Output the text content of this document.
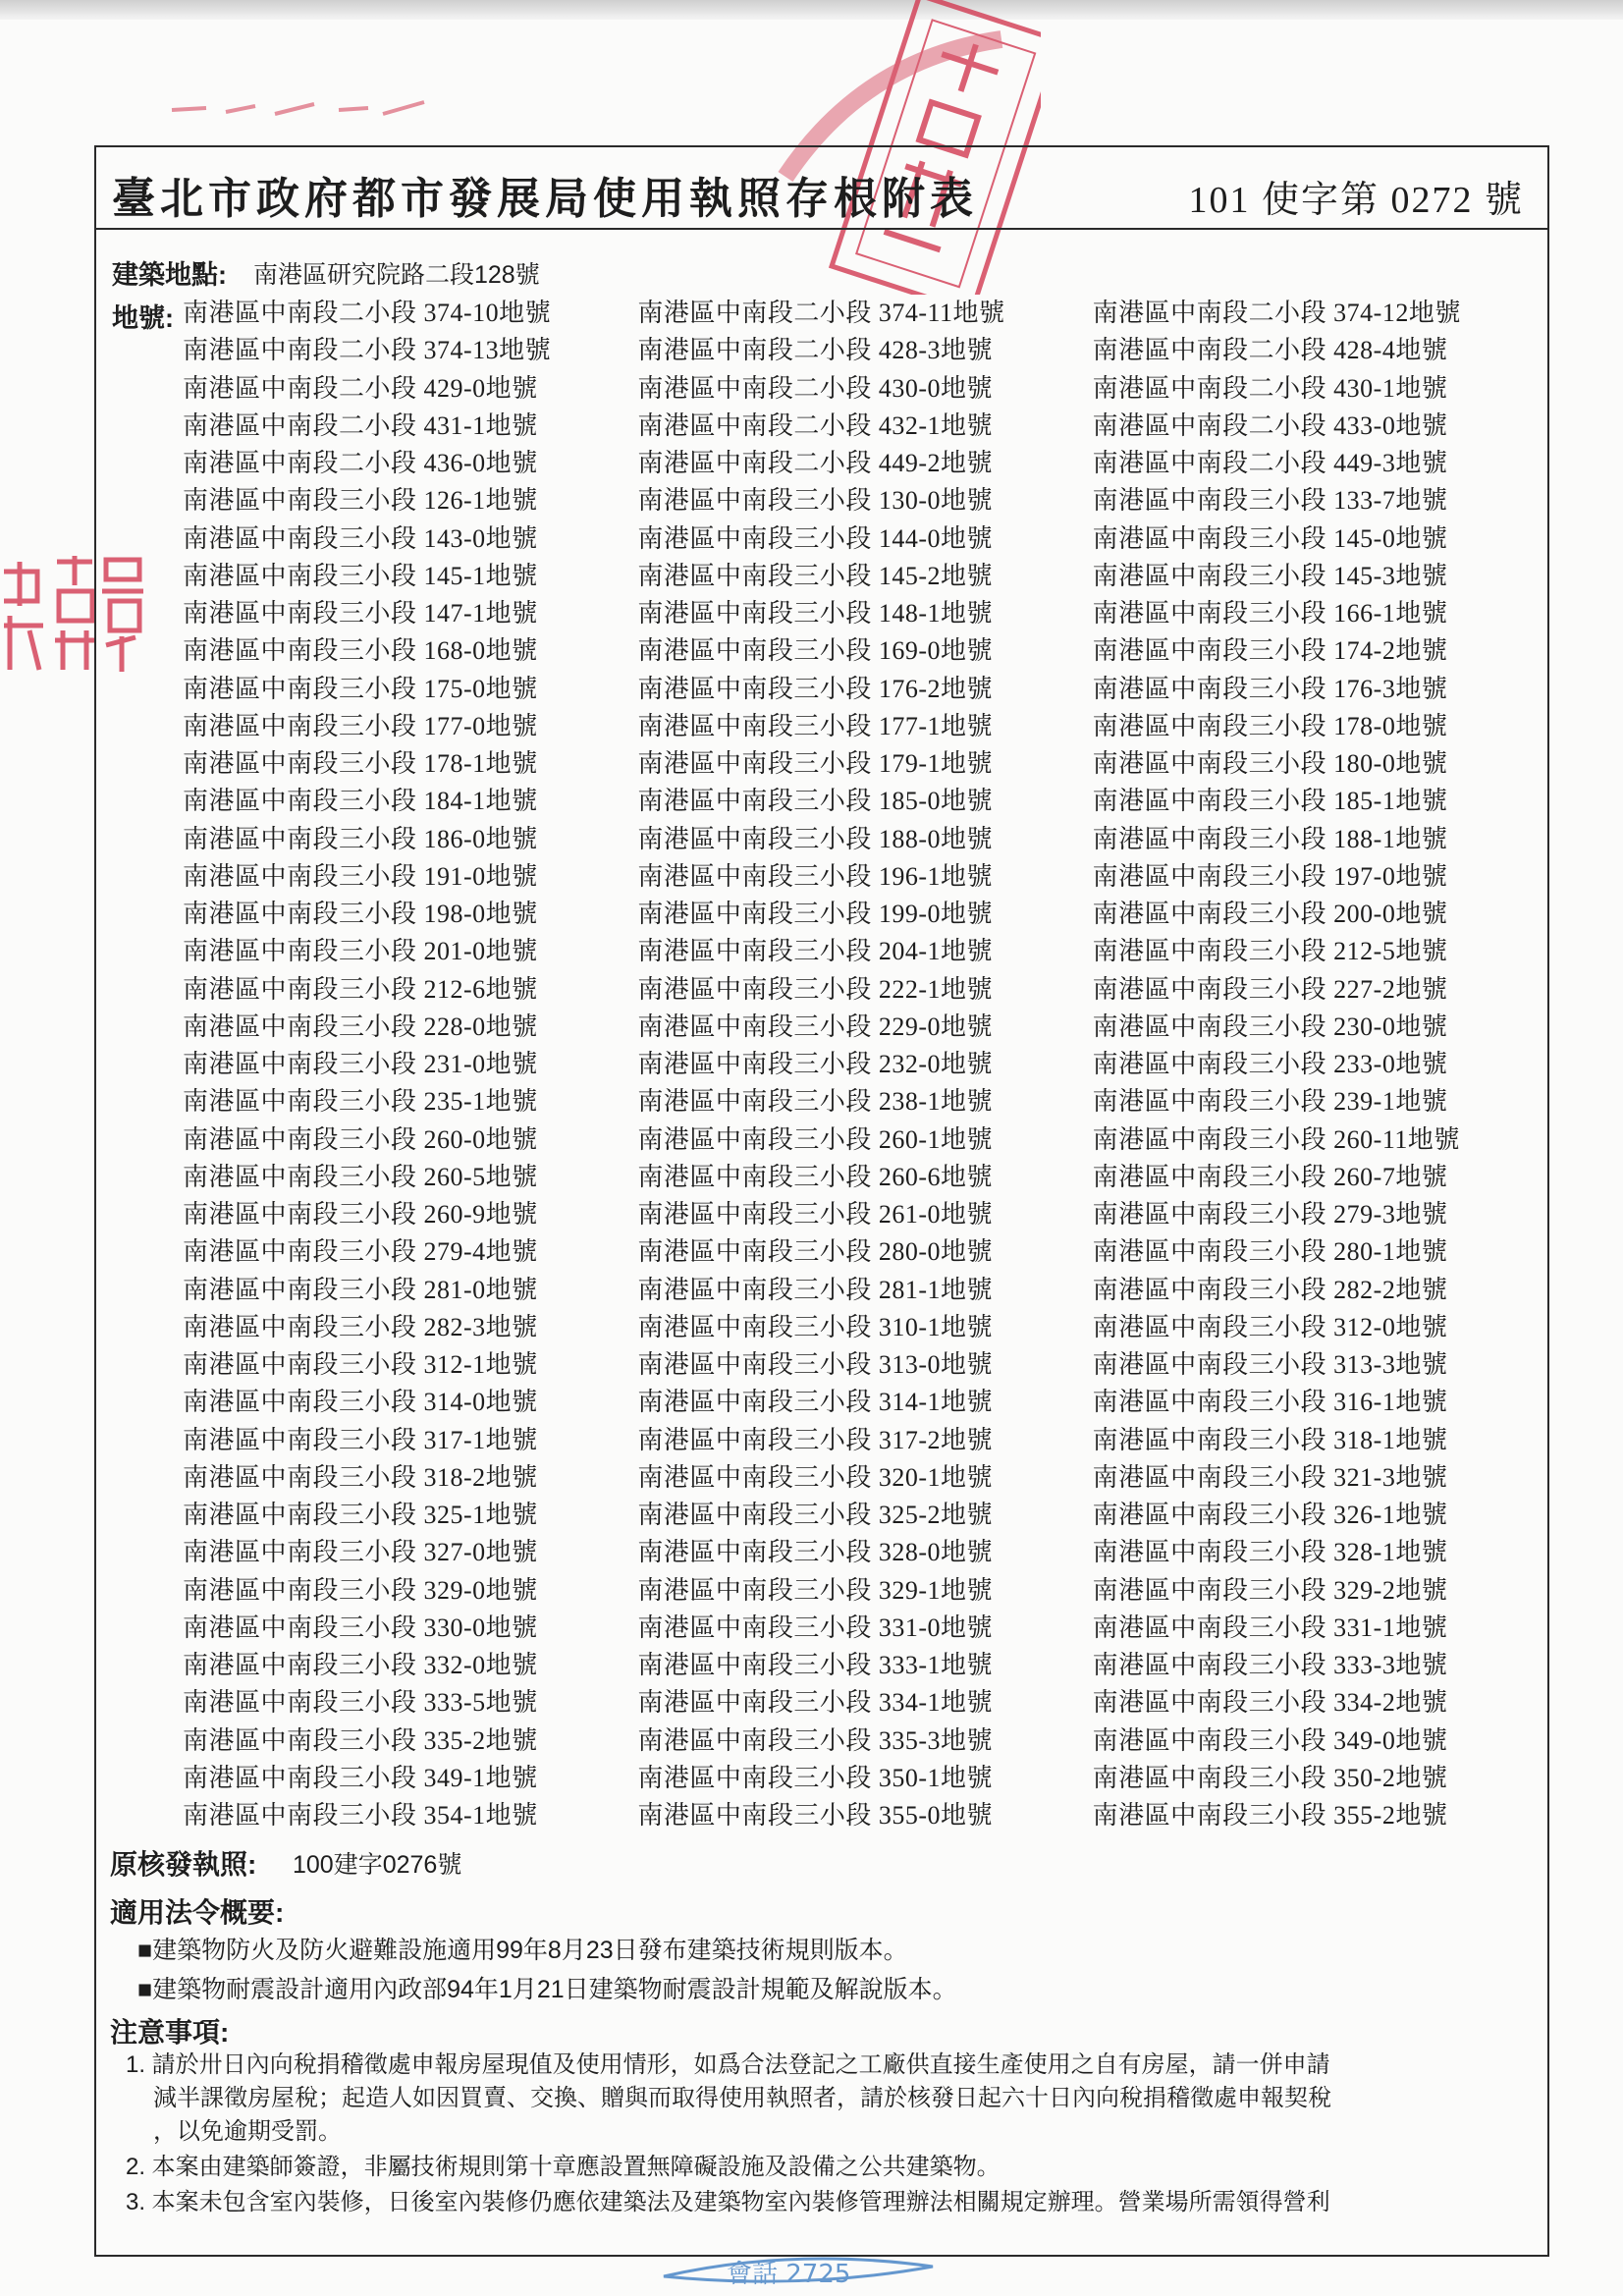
臺北市政府都市發展局使用執照存根附表	101 使字第 0272 號
建築地點: 南港區研究院路二段128號
地號: 南港區中南段二小段 374-10地號	南港區中南段二小段 374-11地號	南港區中南段二小段 374-12地號
南港區中南段二小段 374-13地號	南港區中南段二小段 428-3地號	南港區中南段二小段 428-4地號
南港區中南段二小段 429-0地號	南港區中南段二小段 430-0地號	南港區中南段二小段 430-1地號
南港區中南段二小段 431-1地號	南港區中南段二小段 432-1地號	南港區中南段二小段 433-0地號
南港區中南段二小段 436-0地號	南港區中南段二小段 449-2地號	南港區中南段二小段 449-3地號
南港區中南段三小段 126-1地號	南港區中南段三小段 130-0地號	南港區中南段三小段 133-7地號
南港區中南段三小段 143-0地號	南港區中南段三小段 144-0地號	南港區中南段三小段 145-0地號
南港區中南段三小段 145-1地號	南港區中南段三小段 145-2地號	南港區中南段三小段 145-3地號
南港區中南段三小段 147-1地號	南港區中南段三小段 148-1地號	南港區中南段三小段 166-1地號
南港區中南段三小段 168-0地號	南港區中南段三小段 169-0地號	南港區中南段三小段 174-2地號
南港區中南段三小段 175-0地號	南港區中南段三小段 176-2地號	南港區中南段三小段 176-3地號
南港區中南段三小段 177-0地號	南港區中南段三小段 177-1地號	南港區中南段三小段 178-0地號
南港區中南段三小段 178-1地號	南港區中南段三小段 179-1地號	南港區中南段三小段 180-0地號
南港區中南段三小段 184-1地號	南港區中南段三小段 185-0地號	南港區中南段三小段 185-1地號
南港區中南段三小段 186-0地號	南港區中南段三小段 188-0地號	南港區中南段三小段 188-1地號
南港區中南段三小段 191-0地號	南港區中南段三小段 196-1地號	南港區中南段三小段 197-0地號
南港區中南段三小段 198-0地號	南港區中南段三小段 199-0地號	南港區中南段三小段 200-0地號
南港區中南段三小段 201-0地號	南港區中南段三小段 204-1地號	南港區中南段三小段 212-5地號
南港區中南段三小段 212-6地號	南港區中南段三小段 222-1地號	南港區中南段三小段 227-2地號
南港區中南段三小段 228-0地號	南港區中南段三小段 229-0地號	南港區中南段三小段 230-0地號
南港區中南段三小段 231-0地號	南港區中南段三小段 232-0地號	南港區中南段三小段 233-0地號
南港區中南段三小段 235-1地號	南港區中南段三小段 238-1地號	南港區中南段三小段 239-1地號
南港區中南段三小段 260-0地號	南港區中南段三小段 260-1地號	南港區中南段三小段 260-11地號
南港區中南段三小段 260-5地號	南港區中南段三小段 260-6地號	南港區中南段三小段 260-7地號
南港區中南段三小段 260-9地號	南港區中南段三小段 261-0地號	南港區中南段三小段 279-3地號
南港區中南段三小段 279-4地號	南港區中南段三小段 280-0地號	南港區中南段三小段 280-1地號
南港區中南段三小段 281-0地號	南港區中南段三小段 281-1地號	南港區中南段三小段 282-2地號
南港區中南段三小段 282-3地號	南港區中南段三小段 310-1地號	南港區中南段三小段 312-0地號
南港區中南段三小段 312-1地號	南港區中南段三小段 313-0地號	南港區中南段三小段 313-3地號
南港區中南段三小段 314-0地號	南港區中南段三小段 314-1地號	南港區中南段三小段 316-1地號
南港區中南段三小段 317-1地號	南港區中南段三小段 317-2地號	南港區中南段三小段 318-1地號
南港區中南段三小段 318-2地號	南港區中南段三小段 320-1地號	南港區中南段三小段 321-3地號
南港區中南段三小段 325-1地號	南港區中南段三小段 325-2地號	南港區中南段三小段 326-1地號
南港區中南段三小段 327-0地號	南港區中南段三小段 328-0地號	南港區中南段三小段 328-1地號
南港區中南段三小段 329-0地號	南港區中南段三小段 329-1地號	南港區中南段三小段 329-2地號
南港區中南段三小段 330-0地號	南港區中南段三小段 331-0地號	南港區中南段三小段 331-1地號
南港區中南段三小段 332-0地號	南港區中南段三小段 333-1地號	南港區中南段三小段 333-3地號
南港區中南段三小段 333-5地號	南港區中南段三小段 334-1地號	南港區中南段三小段 334-2地號
南港區中南段三小段 335-2地號	南港區中南段三小段 335-3地號	南港區中南段三小段 349-0地號
南港區中南段三小段 349-1地號	南港區中南段三小段 350-1地號	南港區中南段三小段 350-2地號
南港區中南段三小段 354-1地號	南港區中南段三小段 355-0地號	南港區中南段三小段 355-2地號
原核發執照: 100建字0276號
適用法令概要:
■建築物防火及防火避難設施適用99年8月23日發布建築技術規則版本。
■建築物耐震設計適用內政部94年1月21日建築物耐震設計規範及解說版本。
注意事項:
1. 請於卅日內向稅捐稽徵處申報房屋現值及使用情形，如爲合法登記之工廠供直接生產使用之自有房屋，請一併申請
減半課徵房屋稅；起造人如因買賣、交換、贈與而取得使用執照者，請於核發日起六十日內向稅捐稽徵處申報契稅
，以免逾期受罰。
2. 本案由建築師簽證，非屬技術規則第十章應設置無障礙設施及設備之公共建築物。
3. 本案未包含室內裝修，日後室內裝修仍應依建築法及建築物室內裝修管理辦法相關規定辦理。營業場所需領得營利
會話 2725
